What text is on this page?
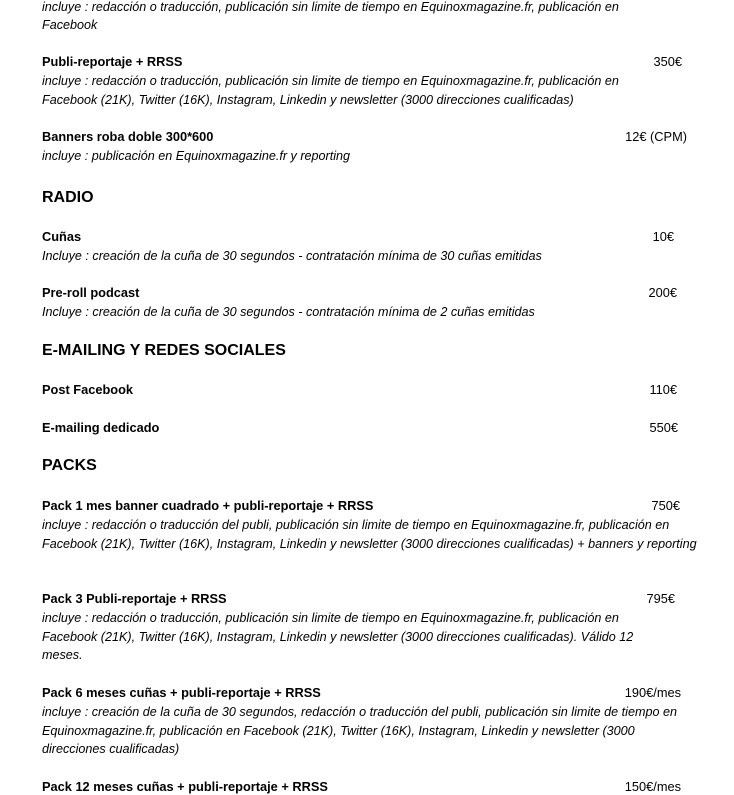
incluye : redacción o traducción, publicación sin limite de tiempo en Equinoxmagazine.fr, publicación en
Facebook
Publi-reportaje + RRSS	350€
incluye : redacción o traducción, publicación sin limite de tiempo en Equinoxmagazine.fr, publicación en Facebook (21K), Twitter (16K), Instagram, Linkedin y newsletter (3000 direcciones cualificadas)
Banners roba doble 300*600	12€ (CPM)
incluye : publicación en Equinoxmagazine.fr y reporting
RADIO
Cuñas	10€
Incluye : creación de la cuña de 30 segundos - contratación mínima de 30 cuñas emitidas
Pre-roll podcast	200€
Incluye : creación de la cuña de 30 segundos - contratación mínima de 2 cuñas emitidas
E-MAILING Y REDES SOCIALES
Post Facebook	110€
E-mailing dedicado	550€
PACKS
Pack 1 mes banner cuadrado + publi-reportaje + RRSS	750€
incluye : redacción o traducción del publi, publicación sin limite de tiempo en Equinoxmagazine.fr, publicación en Facebook (21K), Twitter (16K), Instagram, Linkedin y newsletter (3000 direcciones cualificadas) + banners y reporting
Pack 3 Publi-reportaje + RRSS	795€
incluye : redacción o traducción, publicación sin limite de tiempo en Equinoxmagazine.fr, publicación en Facebook (21K), Twitter (16K), Instagram, Linkedin y newsletter (3000 direcciones cualificadas). Válido 12 meses.
Pack 6 meses cuñas + publi-reportaje + RRSS	190€/mes
incluye : creación de la cuña de 30 segundos, redacción o traducción del publi, publicación sin limite de tiempo en Equinoxmagazine.fr, publicación en Facebook (21K), Twitter (16K), Instagram, Linkedin y newsletter (3000 direcciones cualificadas)
Pack 12 meses cuñas + publi-reportaje + RRSS	150€/mes
